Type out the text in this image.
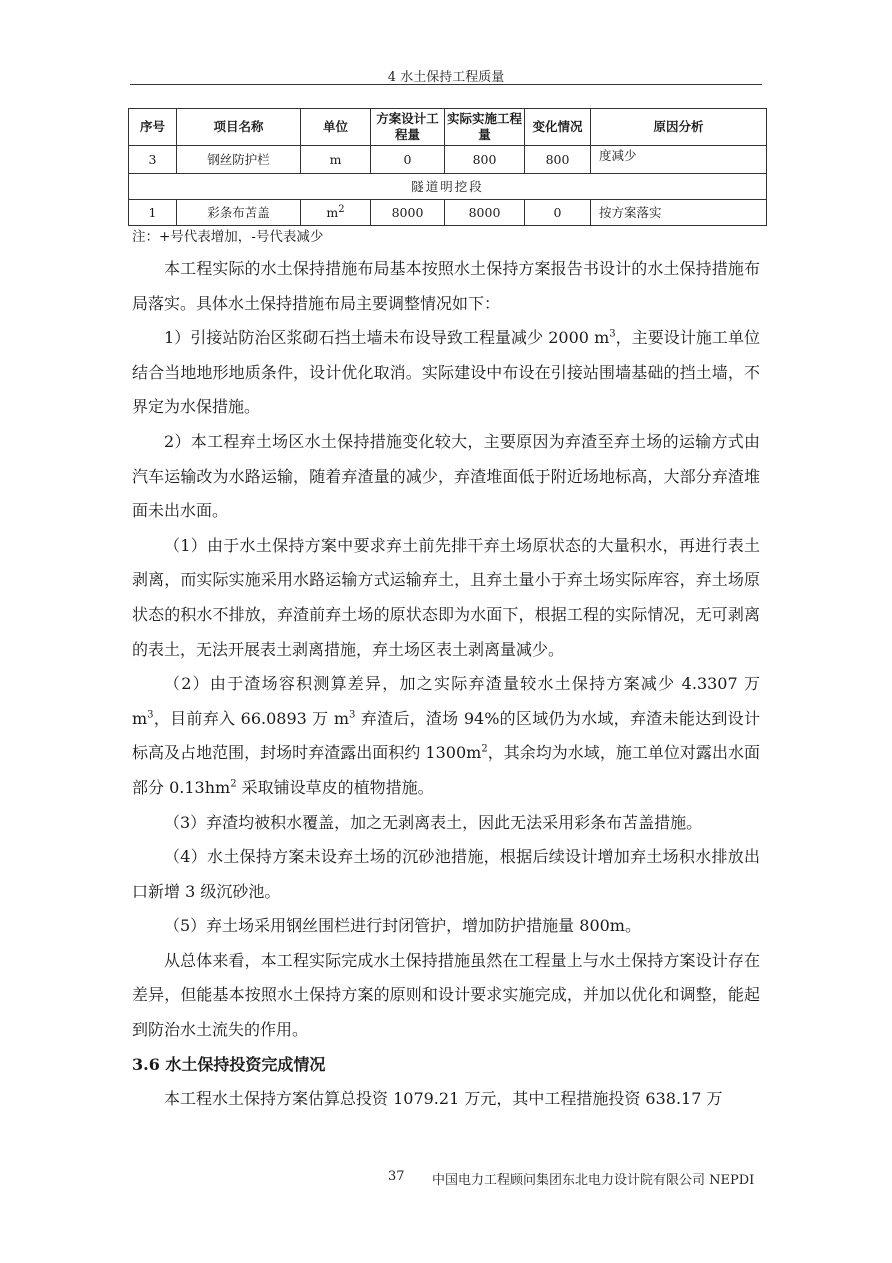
4 水土保持工程质量
序号	项目名称	单位	方案设计工程量	实际实施工程量	变化情况	原因分析
3	钢丝防护栏	m	0	800	800	度减少
隧道明挖段						
1	彩条布苫盖	$m^2$	8000	8000	0	按方案落实
注：+号代表增加，-号代表减少

本工程实际的水土保持措施布局基本按照水土保持方案报告书设计的水土保持措施布局落实。具体水土保持措施布局主要调整情况如下：

1）引接站防治区浆砌石挡土墙未布设导致工程量减少 2000 $m^3$，主要设计施工单位结合当地地形地质条件，设计优化取消。实际建设中布设在引接站围墙基础的挡土墙，不界定为水保措施。

2）本工程弃土场区水土保持措施变化较大，主要原因为弃渣至弃土场的运输方式由汽车运输改为水路运输，随着弃渣量的减少，弃渣堆面低于附近场地标高，大部分弃渣堆面未出水面。

（1）由于水土保持方案中要求弃土前先排干弃土场原状态的大量积水，再进行表土剥离，而实际实施采用水路运输方式运输弃土，且弃土量小于弃土场实际库容，弃土场原状态的积水不排放，弃渣前弃土场的原状态即为水面下，根据工程的实际情况，无可剥离的表土，无法开展表土剥离措施，弃土场区表土剥离量减少。

（2）由于渣场容积测算差异，加之实际弃渣量较水土保持方案减少 4.3307 万 $m^3$，目前弃入 66.0893 万 $m^3$ 弃渣后，渣场 94%的区域仍为水域，弃渣未能达到设计标高及占地范围，封场时弃渣露出面积约 $1300m^2$，其余均为水域，施工单位对露出水面部分 $0.13hm^2$ 采取铺设草皮的植物措施。

（3）弃渣均被积水覆盖，加之无剥离表土，因此无法采用彩条布苫盖措施。

（4）水土保持方案未设弃土场的沉砂池措施，根据后续设计增加弃土场积水排放出口新增 3 级沉砂池。

（5）弃土场采用钢丝围栏进行封闭管护，增加防护措施量 800m。

从总体来看，本工程实际完成水土保持措施虽然在工程量上与水土保持方案设计存在差异，但能基本按照水土保持方案的原则和设计要求实施完成，并加以优化和调整，能起到防治水土流失的作用。

3.6 水土保持投资完成情况

本工程水土保持方案估算总投资 1079.21 万元，其中工程措施投资 638.17 万

37 中国电力工程顾问集团东北电力设计院有限公司 NEPDI
